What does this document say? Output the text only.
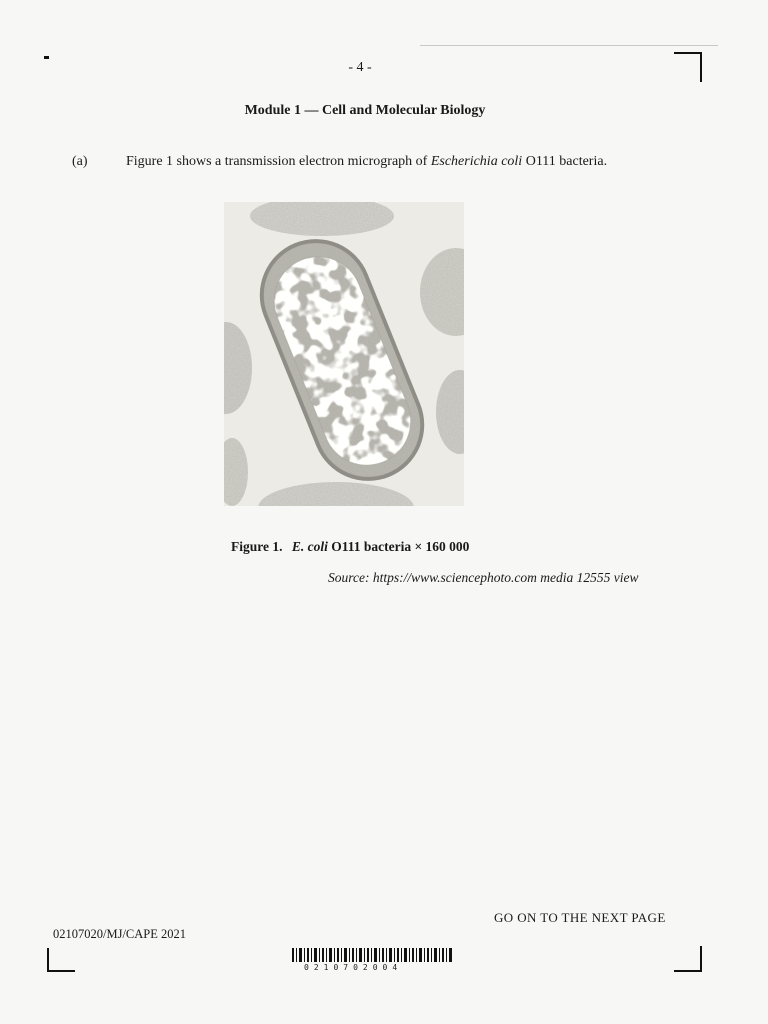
- 4 -
Module 1 — Cell and Molecular Biology
(a)	Figure 1 shows a transmission electron micrograph of Escherichia coli O111 bacteria.
Figure 1. E. coli O111 bacteria × 160 000
Source: https://www.sciencephoto.com media 12555 view
GO ON TO THE NEXT PAGE
02107020/MJ/CAPE 2021
0210702004
